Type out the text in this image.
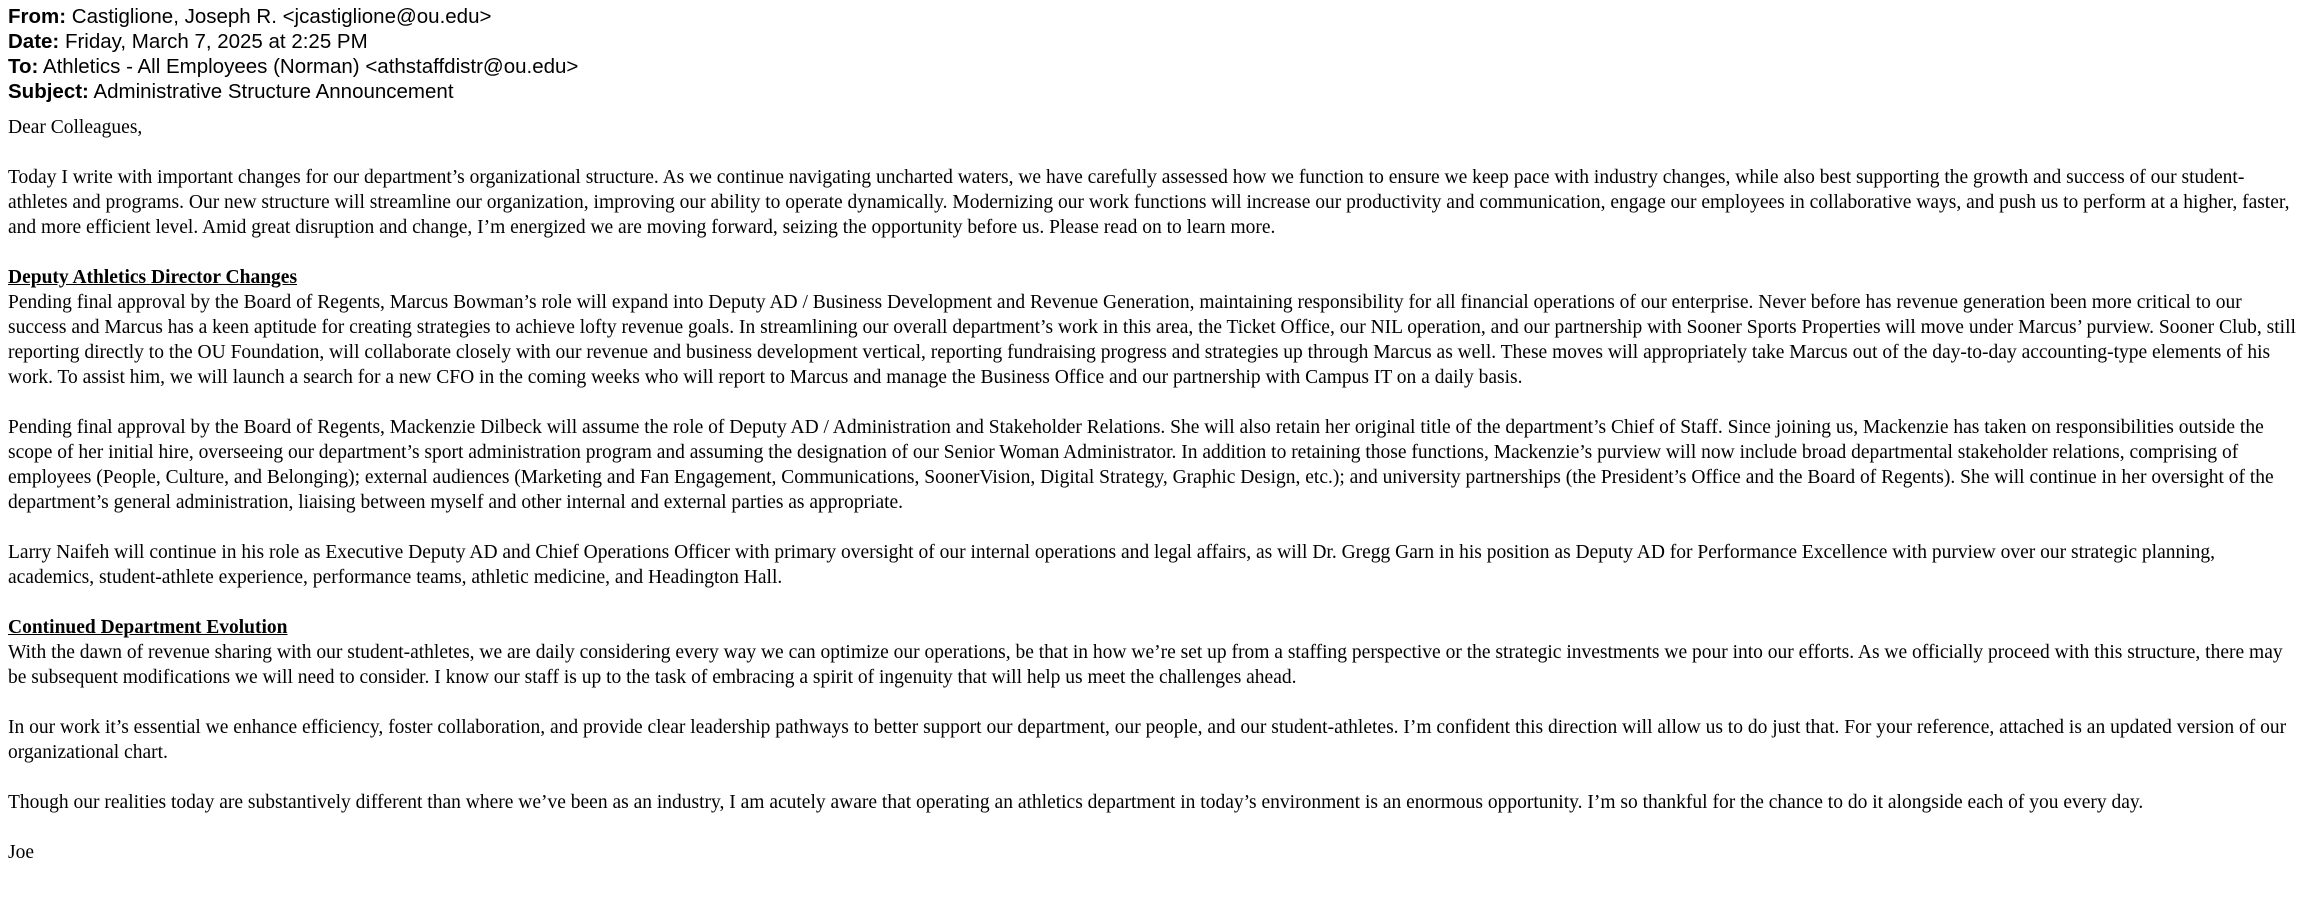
From: Castiglione, Joseph R. <jcastiglione@ou.edu>
Date: Friday, March 7, 2025 at 2:25 PM
To: Athletics - All Employees (Norman) <athstaffdistr@ou.edu>
Subject: Administrative Structure Announcement

Dear Colleagues,

Today I write with important changes for our department’s organizational structure. As we continue navigating uncharted waters, we have carefully assessed how we function to ensure we keep pace with industry changes, while also best supporting the growth and success of our student-athletes and programs. Our new structure will streamline our organization, improving our ability to operate dynamically. Modernizing our work functions will increase our productivity and communication, engage our employees in collaborative ways, and push us to perform at a higher, faster, and more efficient level. Amid great disruption and change, I’m energized we are moving forward, seizing the opportunity before us. Please read on to learn more.

Deputy Athletics Director Changes
Pending final approval by the Board of Regents, Marcus Bowman’s role will expand into Deputy AD / Business Development and Revenue Generation, maintaining responsibility for all financial operations of our enterprise. Never before has revenue generation been more critical to our success and Marcus has a keen aptitude for creating strategies to achieve lofty revenue goals. In streamlining our overall department’s work in this area, the Ticket Office, our NIL operation, and our partnership with Sooner Sports Properties will move under Marcus’ purview. Sooner Club, still reporting directly to the OU Foundation, will collaborate closely with our revenue and business development vertical, reporting fundraising progress and strategies up through Marcus as well. These moves will appropriately take Marcus out of the day-to-day accounting-type elements of his work. To assist him, we will launch a search for a new CFO in the coming weeks who will report to Marcus and manage the Business Office and our partnership with Campus IT on a daily basis.

Pending final approval by the Board of Regents, Mackenzie Dilbeck will assume the role of Deputy AD / Administration and Stakeholder Relations. She will also retain her original title of the department’s Chief of Staff. Since joining us, Mackenzie has taken on responsibilities outside the scope of her initial hire, overseeing our department’s sport administration program and assuming the designation of our Senior Woman Administrator. In addition to retaining those functions, Mackenzie’s purview will now include broad departmental stakeholder relations, comprising of employees (People, Culture, and Belonging); external audiences (Marketing and Fan Engagement, Communications, SoonerVision, Digital Strategy, Graphic Design, etc.); and university partnerships (the President’s Office and the Board of Regents). She will continue in her oversight of the department’s general administration, liaising between myself and other internal and external parties as appropriate.

Larry Naifeh will continue in his role as Executive Deputy AD and Chief Operations Officer with primary oversight of our internal operations and legal affairs, as will Dr. Gregg Garn in his position as Deputy AD for Performance Excellence with purview over our strategic planning, academics, student-athlete experience, performance teams, athletic medicine, and Headington Hall.

Continued Department Evolution
With the dawn of revenue sharing with our student-athletes, we are daily considering every way we can optimize our operations, be that in how we’re set up from a staffing perspective or the strategic investments we pour into our efforts. As we officially proceed with this structure, there may be subsequent modifications we will need to consider. I know our staff is up to the task of embracing a spirit of ingenuity that will help us meet the challenges ahead.

In our work it’s essential we enhance efficiency, foster collaboration, and provide clear leadership pathways to better support our department, our people, and our student-athletes. I’m confident this direction will allow us to do just that. For your reference, attached is an updated version of our organizational chart.

Though our realities today are substantively different than where we’ve been as an industry, I am acutely aware that operating an athletics department in today’s environment is an enormous opportunity. I’m so thankful for the chance to do it alongside each of you every day.

Joe
